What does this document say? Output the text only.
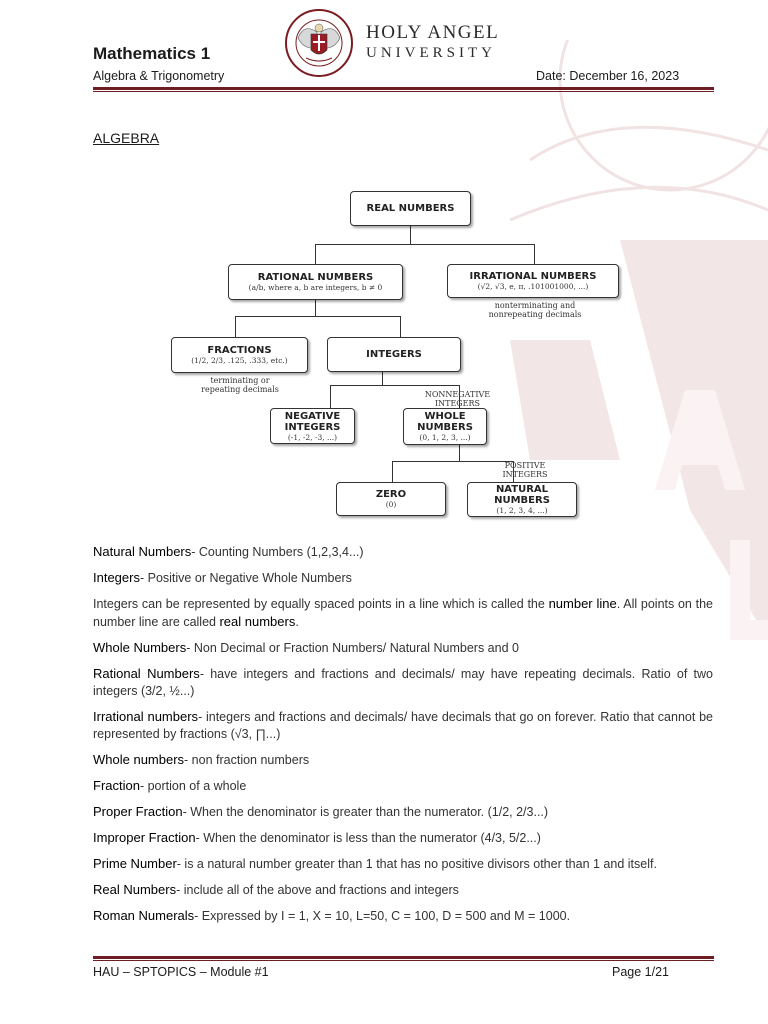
Mathematics 1
Algebra & Trigonometry	Date: December 16, 2023
HOLY ANGEL
UNIVERSITY
ALGEBRA
REAL NUMBERS
RATIONAL NUMBERS
(a/b, where a, b are integers, b ≠ 0
IRRATIONAL NUMBERS
(√2, √3, e, π, .101001000, ...)
nonterminating and
nonrepeating decimals
FRACTIONS
(1/2, 2/3, .125, .333, etc.)
terminating or
repeating decimals
INTEGERS
NONNEGATIVE
INTEGERS
NEGATIVE
INTEGERS
(-1, -2, -3, ...)
WHOLE
NUMBERS
(0, 1, 2, 3, ...)
POSITIVE
INTEGERS
ZERO
(0)
NATURAL
NUMBERS
(1, 2, 3, 4, ...)

Natural Numbers- Counting Numbers (1,2,3,4...)

Integers- Positive or Negative Whole Numbers

Integers can be represented by equally spaced points in a line which is called the number line. All points on the number line are called real numbers.

Whole Numbers- Non Decimal or Fraction Numbers/ Natural Numbers and 0

Rational Numbers- have integers and fractions and decimals/ may have repeating decimals. Ratio of two integers (3/2, ½...)

Irrational numbers- integers and fractions and decimals/ have decimals that go on forever. Ratio that cannot be represented by fractions (√3, ∏...)

Whole numbers- non fraction numbers

Fraction- portion of a whole

Proper Fraction- When the denominator is greater than the numerator. (1/2, 2/3...)

Improper Fraction- When the denominator is less than the numerator (4/3, 5/2...)

Prime Number- is a natural number greater than 1 that has no positive divisors other than 1 and itself.

Real Numbers- include all of the above and fractions and integers

Roman Numerals- Expressed by I = 1, X = 10, L=50, C = 100, D = 500 and M = 1000.

HAU – SPTOPICS – Module #1	Page 1/21
